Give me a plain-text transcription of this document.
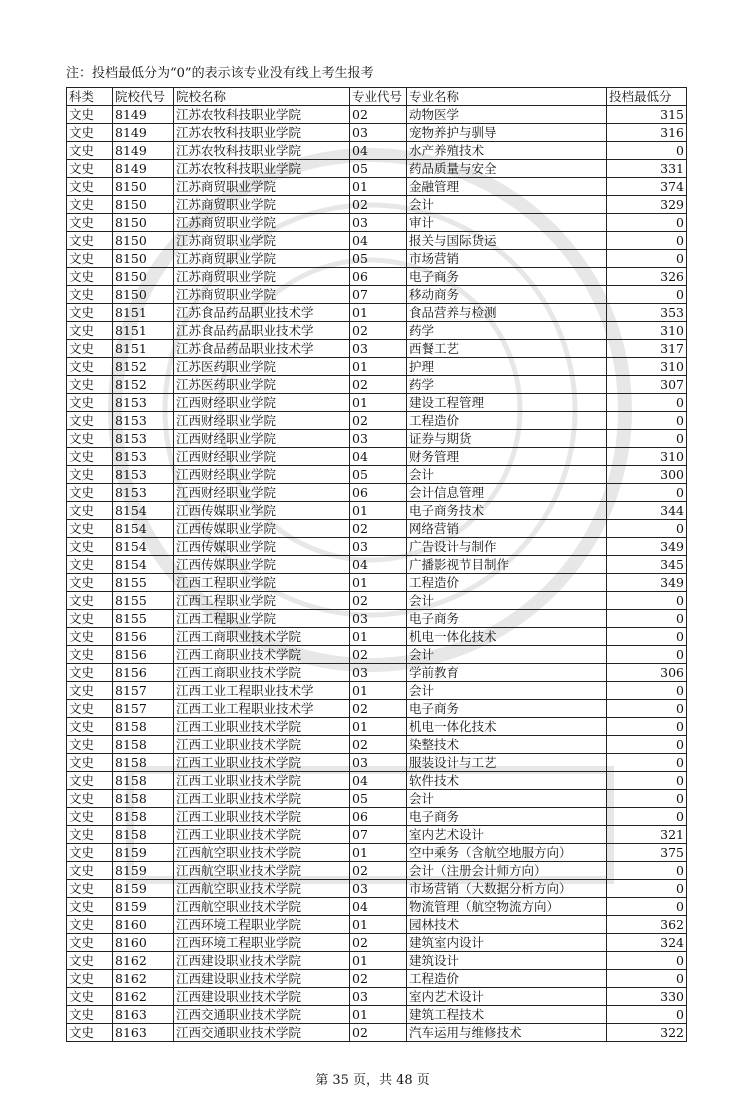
注：投档最低分为“0”的表示该专业没有线上考生报考
科类	院校代号	院校名称	专业代号	专业名称	投档最低分
文史	8149	江苏农牧科技职业学院	02	动物医学	315
文史	8149	江苏农牧科技职业学院	03	宠物养护与驯导	316
文史	8149	江苏农牧科技职业学院	04	水产养殖技术	0
文史	8149	江苏农牧科技职业学院	05	药品质量与安全	331
文史	8150	江苏商贸职业学院	01	金融管理	374
文史	8150	江苏商贸职业学院	02	会计	329
文史	8150	江苏商贸职业学院	03	审计	0
文史	8150	江苏商贸职业学院	04	报关与国际货运	0
文史	8150	江苏商贸职业学院	05	市场营销	0
文史	8150	江苏商贸职业学院	06	电子商务	326
文史	8150	江苏商贸职业学院	07	移动商务	0
文史	8151	江苏食品药品职业技术学	01	食品营养与检测	353
文史	8151	江苏食品药品职业技术学	02	药学	310
文史	8151	江苏食品药品职业技术学	03	西餐工艺	317
文史	8152	江苏医药职业学院	01	护理	310
文史	8152	江苏医药职业学院	02	药学	307
文史	8153	江西财经职业学院	01	建设工程管理	0
文史	8153	江西财经职业学院	02	工程造价	0
文史	8153	江西财经职业学院	03	证券与期货	0
文史	8153	江西财经职业学院	04	财务管理	310
文史	8153	江西财经职业学院	05	会计	300
文史	8153	江西财经职业学院	06	会计信息管理	0
文史	8154	江西传媒职业学院	01	电子商务技术	344
文史	8154	江西传媒职业学院	02	网络营销	0
文史	8154	江西传媒职业学院	03	广告设计与制作	349
文史	8154	江西传媒职业学院	04	广播影视节目制作	345
文史	8155	江西工程职业学院	01	工程造价	349
文史	8155	江西工程职业学院	02	会计	0
文史	8155	江西工程职业学院	03	电子商务	0
文史	8156	江西工商职业技术学院	01	机电一体化技术	0
文史	8156	江西工商职业技术学院	02	会计	0
文史	8156	江西工商职业技术学院	03	学前教育	306
文史	8157	江西工业工程职业技术学	01	会计	0
文史	8157	江西工业工程职业技术学	02	电子商务	0
文史	8158	江西工业职业技术学院	01	机电一体化技术	0
文史	8158	江西工业职业技术学院	02	染整技术	0
文史	8158	江西工业职业技术学院	03	服装设计与工艺	0
文史	8158	江西工业职业技术学院	04	软件技术	0
文史	8158	江西工业职业技术学院	05	会计	0
文史	8158	江西工业职业技术学院	06	电子商务	0
文史	8158	江西工业职业技术学院	07	室内艺术设计	321
文史	8159	江西航空职业技术学院	01	空中乘务（含航空地服方向）	375
文史	8159	江西航空职业技术学院	02	会计（注册会计师方向）	0
文史	8159	江西航空职业技术学院	03	市场营销（大数据分析方向）	0
文史	8159	江西航空职业技术学院	04	物流管理（航空物流方向）	0
文史	8160	江西环境工程职业学院	01	园林技术	362
文史	8160	江西环境工程职业学院	02	建筑室内设计	324
文史	8162	江西建设职业技术学院	01	建筑设计	0
文史	8162	江西建设职业技术学院	02	工程造价	0
文史	8162	江西建设职业技术学院	03	室内艺术设计	330
文史	8163	江西交通职业技术学院	01	建筑工程技术	0
文史	8163	江西交通职业技术学院	02	汽车运用与维修技术	322
第 35 页，共 48 页
